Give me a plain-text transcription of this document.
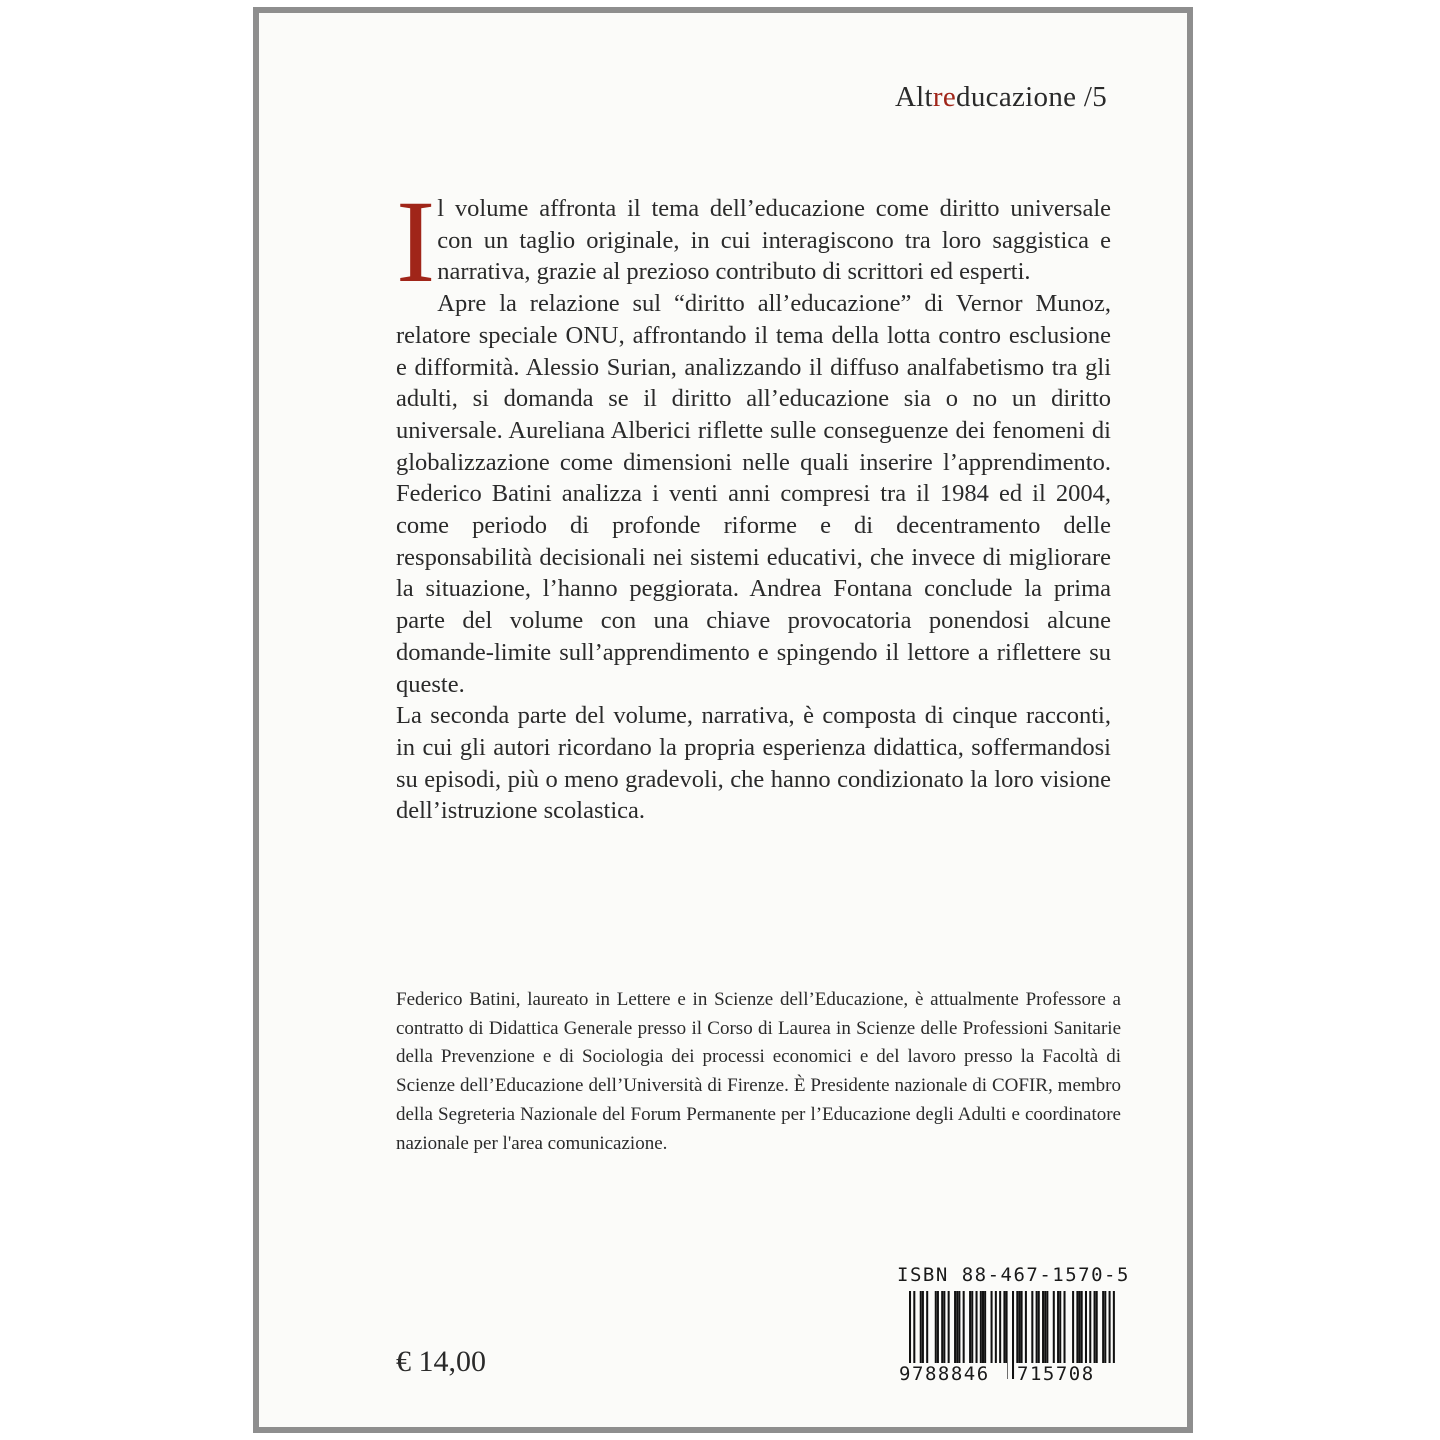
Altreducazione /5

Il volume affronta il tema dell’educazione come diritto universale con un taglio originale, in cui interagiscono tra loro saggistica e narrativa, grazie al prezioso contributo di scrittori ed esperti.

Apre la relazione sul “diritto all’educazione” di Vernor Munoz, relatore speciale ONU, affrontando il tema della lotta contro esclusione e difformità. Alessio Surian, analizzando il diffuso analfabetismo tra gli adulti, si domanda se il diritto all’educazione sia o no un diritto universale. Aureliana Alberici riflette sulle conseguenze dei fenomeni di globalizzazione come dimensioni nelle quali inserire l’apprendimento. Federico Batini analizza i venti anni compresi tra il 1984 ed il 2004, come periodo di profonde riforme e di decentramento delle responsabilità decisionali nei sistemi educativi, che invece di migliorare la situazione, l’hanno peggiorata. Andrea Fontana conclude la prima parte del volume con una chiave provocatoria ponendosi alcune domande-limite sull’apprendimento e spingendo il lettore a riflettere su queste.

La seconda parte del volume, narrativa, è composta di cinque racconti, in cui gli autori ricordano la propria esperienza didattica, soffermandosi su episodi, più o meno gradevoli, che hanno condizionato la loro visione dell’istruzione scolastica.

Federico Batini, laureato in Lettere e in Scienze dell’Educazione, è attualmente Professore a contratto di Didattica Generale presso il Corso di Laurea in Scienze delle Professioni Sanitarie della Prevenzione e di Sociologia dei processi economici e del lavoro presso la Facoltà di Scienze dell’Educazione dell’Università di Firenze. È Presidente nazionale di COFIR, membro della Segreteria Nazionale del Forum Permanente per l’Educazione degli Adulti e coordinatore nazionale per l'area comunicazione.

€ 14,00
ISBN 88-467-1570-5
9 788846 715708
